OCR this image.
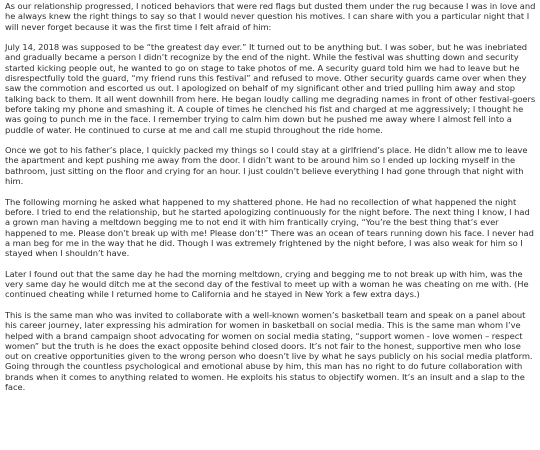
As our relationship progressed, I noticed behaviors that were red flags but dusted them under the rug because I was in love and he always knew the right things to say so that I would never question his motives. I can share with you a particular night that I will never forget because it was the first time I felt afraid of him:

July 14, 2018 was supposed to be “the greatest day ever.” It turned out to be anything but. I was sober, but he was inebriated and gradually became a person I didn’t recognize by the end of the night. While the festival was shutting down and security started kicking people out, he wanted to go on stage to take photos of me. A security guard told him we had to leave but he disrespectfully told the guard, “my friend runs this festival” and refused to move. Other security guards came over when they saw the commotion and escorted us out. I apologized on behalf of my significant other and tried pulling him away and stop talking back to them. It all went downhill from here. He began loudly calling me degrading names in front of other festival-goers before taking my phone and smashing it. A couple of times he clenched his fist and charged at me aggressively; I thought he was going to punch me in the face. I remember trying to calm him down but he pushed me away where I almost fell into a puddle of water. He continued to curse at me and call me stupid throughout the ride home.

Once we got to his father’s place, I quickly packed my things so I could stay at a girlfriend’s place. He didn’t allow me to leave the apartment and kept pushing me away from the door. I didn’t want to be around him so I ended up locking myself in the bathroom, just sitting on the floor and crying for an hour. I just couldn’t believe everything I had gone through that night with him.

The following morning he asked what happened to my shattered phone. He had no recollection of what happened the night before. I tried to end the relationship, but he started apologizing continuously for the night before. The next thing I know, I had a grown man having a meltdown begging me to not end it with him frantically crying, “You’re the best thing that’s ever happened to me. Please don’t break up with me! Please don’t!” There was an ocean of tears running down his face. I never had a man beg for me in the way that he did. Though I was extremely frightened by the night before, I was also weak for him so I stayed when I shouldn’t have.

Later I found out that the same day he had the morning meltdown, crying and begging me to not break up with him, was the very same day he would ditch me at the second day of the festival to meet up with a woman he was cheating on me with. (He continued cheating while I returned home to California and he stayed in New York a few extra days.)

This is the same man who was invited to collaborate with a well-known women’s basketball team and speak on a panel about his career journey, later expressing his admiration for women in basketball on social media. This is the same man whom I’ve helped with a brand campaign shoot advocating for women on social media stating, “support women - love women – respect women” but the truth is he does the exact opposite behind closed doors. It’s not fair to the honest, supportive men who lose out on creative opportunities given to the wrong person who doesn’t live by what he says publicly on his social media platform. Going through the countless psychological and emotional abuse by him, this man has no right to do future collaboration with brands when it comes to anything related to women. He exploits his status to objectify women. It’s an insult and a slap to the face.
